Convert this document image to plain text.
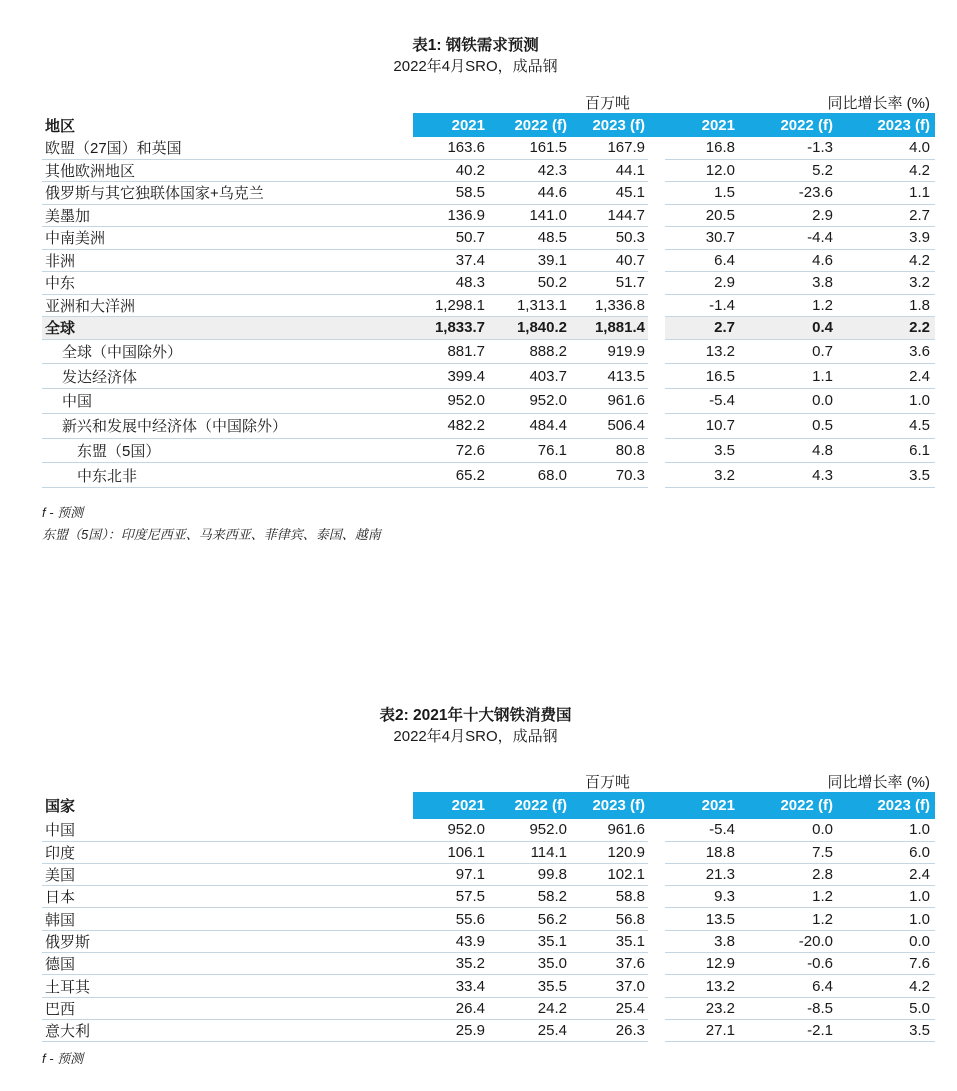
表1: 钢铁需求预测
2022年4月SRO，成品钢
百万吨	同比增长率 (%)
地区	2021	2022 (f)	2023 (f)	2021	2022 (f)	2023 (f)
欧盟（27国）和英国	163.6	161.5	167.9	16.8	-1.3	4.0
其他欧洲地区	40.2	42.3	44.1	12.0	5.2	4.2
俄罗斯与其它独联体国家+乌克兰	58.5	44.6	45.1	1.5	-23.6	1.1
美墨加	136.9	141.0	144.7	20.5	2.9	2.7
中南美洲	50.7	48.5	50.3	30.7	-4.4	3.9
非洲	37.4	39.1	40.7	6.4	4.6	4.2
中东	48.3	50.2	51.7	2.9	3.8	3.2
亚洲和大洋洲	1,298.1	1,313.1	1,336.8	-1.4	1.2	1.8
全球	1,833.7	1,840.2	1,881.4	2.7	0.4	2.2
全球（中国除外）	881.7	888.2	919.9	13.2	0.7	3.6
发达经济体	399.4	403.7	413.5	16.5	1.1	2.4
中国	952.0	952.0	961.6	-5.4	0.0	1.0
新兴和发展中经济体（中国除外）	482.2	484.4	506.4	10.7	0.5	4.5
东盟（5国）	72.6	76.1	80.8	3.5	4.8	6.1
中东北非	65.2	68.0	70.3	3.2	4.3	3.5
f - 预测
东盟（5国）：印度尼西亚、马来西亚、菲律宾、泰国、越南
表2: 2021年十大钢铁消费国
2022年4月SRO，成品钢
百万吨	同比增长率 (%)
国家	2021	2022 (f)	2023 (f)	2021	2022 (f)	2023 (f)
中国	952.0	952.0	961.6	-5.4	0.0	1.0
印度	106.1	114.1	120.9	18.8	7.5	6.0
美国	97.1	99.8	102.1	21.3	2.8	2.4
日本	57.5	58.2	58.8	9.3	1.2	1.0
韩国	55.6	56.2	56.8	13.5	1.2	1.0
俄罗斯	43.9	35.1	35.1	3.8	-20.0	0.0
德国	35.2	35.0	37.6	12.9	-0.6	7.6
土耳其	33.4	35.5	37.0	13.2	6.4	4.2
巴西	26.4	24.2	25.4	23.2	-8.5	5.0
意大利	25.9	25.4	26.3	27.1	-2.1	3.5
f - 预测
